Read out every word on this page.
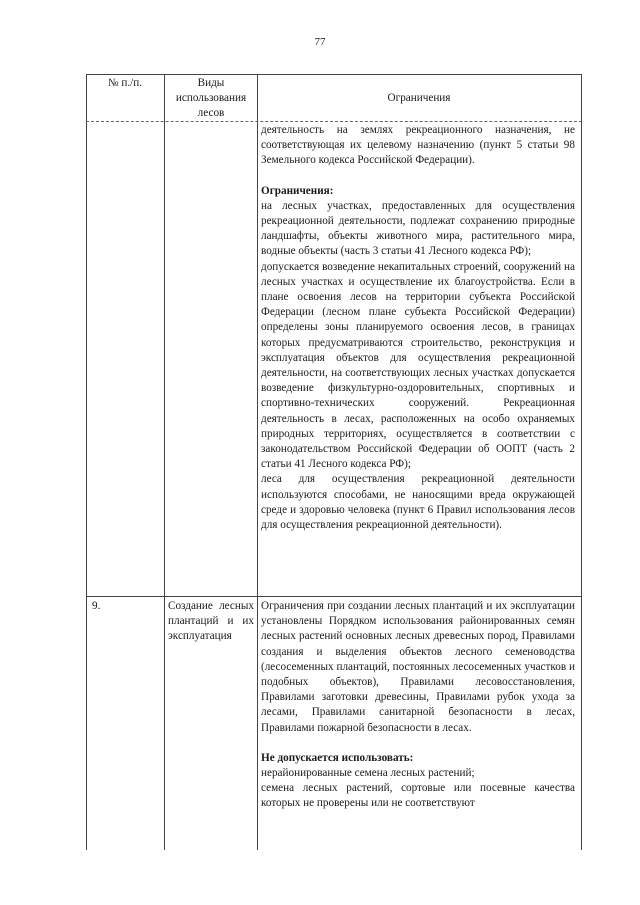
77
№ п./п.	Виды использования лесов
Ограничения

деятельность на землях рекреационного назначения, не соответствующая их целевому назначению (пункт 5 статьи 98 Земельного кодекса Российской Федерации).

Ограничения:

на лесных участках, предоставленных для осуществления рекреационной деятельности, подлежат сохранению природные ландшафты, объекты животного мира, растительного мира, водные объекты (часть 3 статьи 41 Лесного кодекса РФ);

допускается возведение некапитальных строений, сооружений на лесных участках и осуществление их благоустройства. Если в плане освоения лесов на территории субъекта Российской Федерации (лесном плане субъекта Российской Федерации) определены зоны планируемого освоения лесов, в границах которых предусматриваются строительство, реконструкция и эксплуатация объектов для осуществления рекреационной деятельности, на соответствующих лесных участках допускается возведение физкультурно-оздоровительных, спортивных и спортивно-технических сооружений. Рекреационная деятельность в лесах, расположенных на особо охраняемых природных территориях, осуществляется в соответствии с законодательством Российской Федерации об ООПТ (часть 2 статьи 41 Лесного кодекса РФ);

леса для осуществления рекреационной деятельности используются способами, не наносящими вреда окружающей среде и здоровью человека (пункт 6 Правил использования лесов для осуществления рекреационной деятельности).

9.	Создание лесных плантаций и их эксплуатация

Ограничения при создании лесных плантаций и их эксплуатации установлены Порядком использования районированных семян лесных растений основных лесных древесных пород, Правилами создания и выделения объектов лесного семеноводства (лесосеменных плантаций, постоянных лесосеменных участков и подобных объектов), Правилами лесовосстановления, Правилами заготовки древесины, Правилами рубок ухода за лесами, Правилами санитарной безопасности в лесах, Правилами пожарной безопасности в лесах.

Не допускается использовать:

нерайонированные семена лесных растений;

семена лесных растений, сортовые или посевные качества которых не проверены или не соответствуют
